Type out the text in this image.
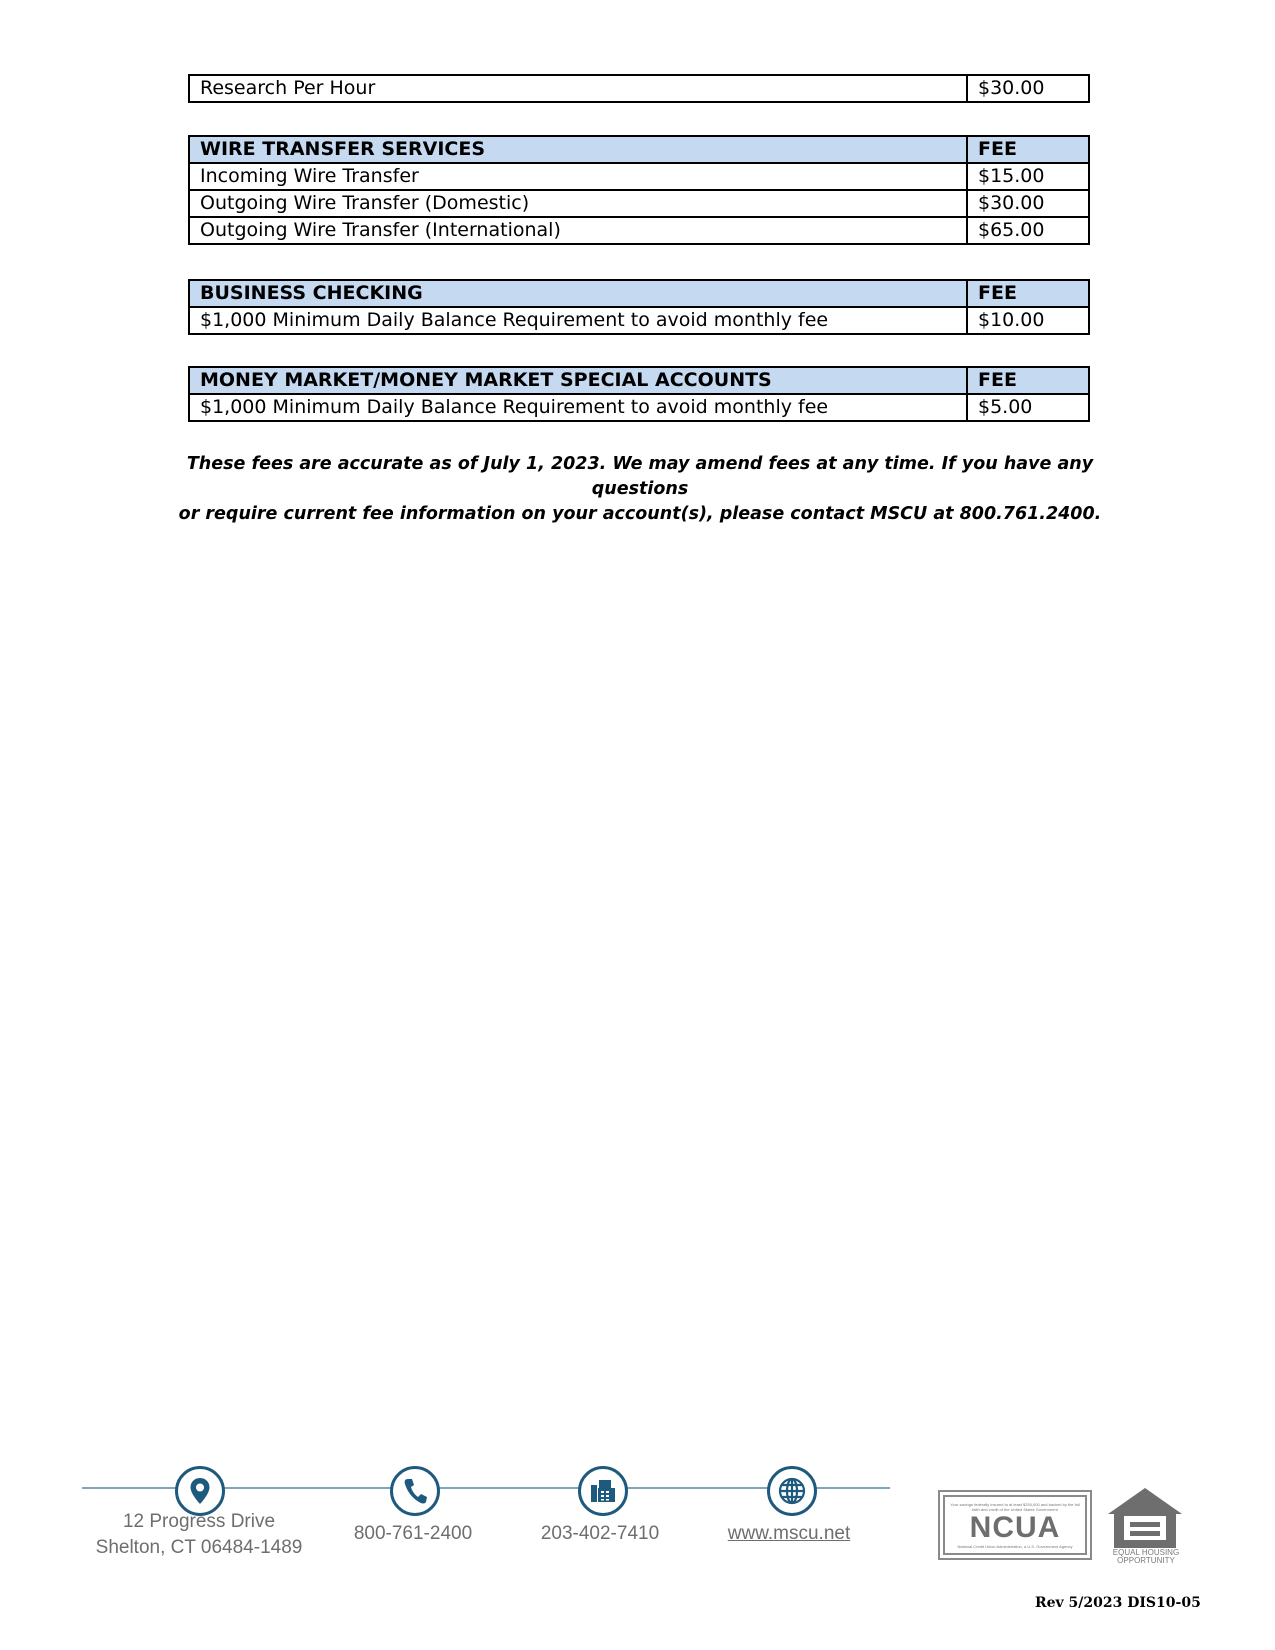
Research Per Hour	$30.00
WIRE TRANSFER SERVICES	FEE
Incoming Wire Transfer	$15.00
Outgoing Wire Transfer (Domestic)	$30.00
Outgoing Wire Transfer (International)	$65.00
BUSINESS CHECKING	FEE
$1,000 Minimum Daily Balance Requirement to avoid monthly fee	$10.00
MONEY MARKET/MONEY MARKET SPECIAL ACCOUNTS	FEE
$1,000 Minimum Daily Balance Requirement to avoid monthly fee	$5.00
These fees are accurate as of July 1, 2023. We may amend fees at any time. If you have any questions
or require current fee information on your account(s), please contact MSCU at 800.761.2400.
12 Progress Drive
Shelton, CT 06484-1489
800-761-2400	203-402-7410	www.mscu.net
Your savings federally insured to at least $250,000 and backed by the full faith and credit of the United States Government
NCUA
National Credit Union Administration, a U.S. Government Agency
EQUAL HOUSING
OPPORTUNITY
Rev 5/2023 DIS10-05
